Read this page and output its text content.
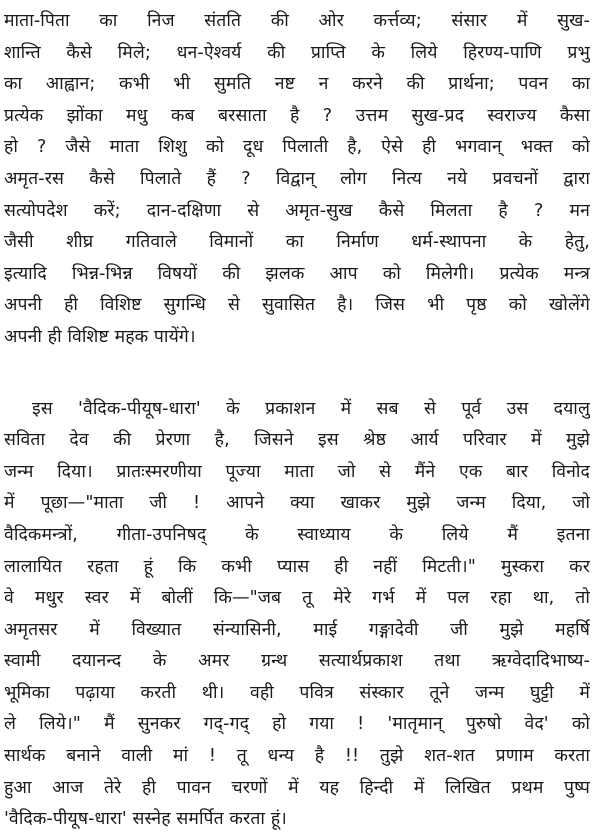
माता-पिता का निज संतति की ओर कर्त्तव्य; संसार में सुख-
शान्ति कैसे मिले; धन-ऐश्वर्य की प्राप्ति के लिये हिरण्य-पाणि प्रभु
का आह्वान; कभी भी सुमति नष्ट न करने की प्रार्थना; पवन का
प्रत्येक झोंका मधु कब बरसाता है ? उत्तम सुख-प्रद स्वराज्य कैसा
हो ? जैसे माता शिशु को दूध पिलाती है, ऐसे ही भगवान् भक्त को
अमृत-रस कैसे पिलाते हैं ? विद्वान् लोग नित्य नये प्रवचनों द्वारा
सत्योपदेश करें; दान-दक्षिणा से अमृत-सुख कैसे मिलता है ? मन
जैसी शीघ्र गतिवाले विमानों का निर्माण धर्म-स्थापना के हेतु,
इत्यादि भिन्न-भिन्न विषयों की झलक आप को मिलेगी। प्रत्येक मन्त्र
अपनी ही विशिष्ट सुगन्धि से सुवासित है। जिस भी पृष्ठ को खोलेंगे
अपनी ही विशिष्ट महक पायेंगे।
इस 'वैदिक-पीयूष-धारा' के प्रकाशन में सब से पूर्व उस दयालु
सविता देव की प्रेरणा है, जिसने इस श्रेष्ठ आर्य परिवार में मुझे
जन्म दिया। प्रातःस्मरणीया पूज्या माता जो से मैंने एक बार विनोद
में पूछा—"माता जी ! आपने क्या खाकर मुझे जन्म दिया, जो
वैदिकमन्त्रों, गीता-उपनिषद् के स्वाध्याय के लिये मैं इतना
लालायित रहता हूं कि कभी प्यास ही नहीं मिटती।" मुस्करा कर
वे मधुर स्वर में बोलीं कि—"जब तू मेरे गर्भ में पल रहा था, तो
अमृतसर में विख्यात संन्यासिनी, माई गङ्गादेवी जी मुझे महर्षि
स्वामी दयानन्द के अमर ग्रन्थ सत्यार्थप्रकाश तथा ऋग्वेदादिभाष्य-
भूमिका पढ़ाया करती थी। वही पवित्र संस्कार तूने जन्म घुट्टी में
ले लिये।" मैं सुनकर गद्-गद् हो गया ! 'मातृमान् पुरुषो वेद' को
सार्थक बनाने वाली मां ! तू धन्य है !! तुझे शत-शत प्रणाम करता
हुआ आज तेरे ही पावन चरणों में यह हिन्दी में लिखित प्रथम पुष्प
'वैदिक-पीयूष-धारा' सस्नेह समर्पित करता हूं।
